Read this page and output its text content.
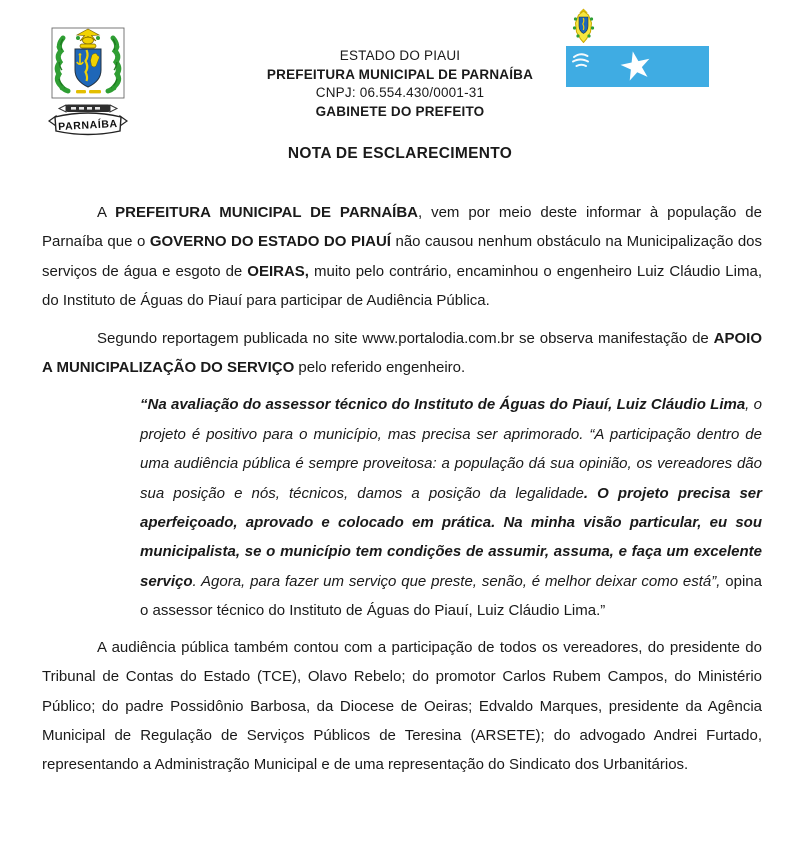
PARNAÍBA
ESTADO DO PIAUI
PREFEITURA MUNICIPAL DE PARNAÍBA
CNPJ: 06.554.430/0001-31
GABINETE DO PREFEITO
NOTA DE ESCLARECIMENTO

A PREFEITURA MUNICIPAL DE PARNAÍBA, vem por meio deste informar à população de Parnaíba que o GOVERNO DO ESTADO DO PIAUÍ não causou nenhum obstáculo na Municipalização dos serviços de água e esgoto de OEIRAS, muito pelo contrário, encaminhou o engenheiro Luiz Cláudio Lima, do Instituto de Águas do Piauí para participar de Audiência Pública.

Segundo reportagem publicada no site www.portalodia.com.br se observa manifestação de APOIO A MUNICIPALIZAÇÃO DO SERVIÇO pelo referido engenheiro.

“Na avaliação do assessor técnico do Instituto de Águas do Piauí, Luiz Cláudio Lima, o projeto é positivo para o município, mas precisa ser aprimorado. “A participação dentro de uma audiência pública é sempre proveitosa: a população dá sua opinião, os vereadores dão sua posição e nós, técnicos, damos a posição da legalidade. O projeto precisa ser aperfeiçoado, aprovado e colocado em prática. Na minha visão particular, eu sou municipalista, se o município tem condições de assumir, assuma, e faça um excelente serviço. Agora, para fazer um serviço que preste, senão, é melhor deixar como está”, opina o assessor técnico do Instituto de Águas do Piauí, Luiz Cláudio Lima.”

A audiência pública também contou com a participação de todos os vereadores, do presidente do Tribunal de Contas do Estado (TCE), Olavo Rebelo; do promotor Carlos Rubem Campos, do Ministério Público; do padre Possidônio Barbosa, da Diocese de Oeiras; Edvaldo Marques, presidente da Agência Municipal de Regulação de Serviços Públicos de Teresina (ARSETE); do advogado Andrei Furtado, representando a Administração Municipal e de uma representação do Sindicato dos Urbanitários.
